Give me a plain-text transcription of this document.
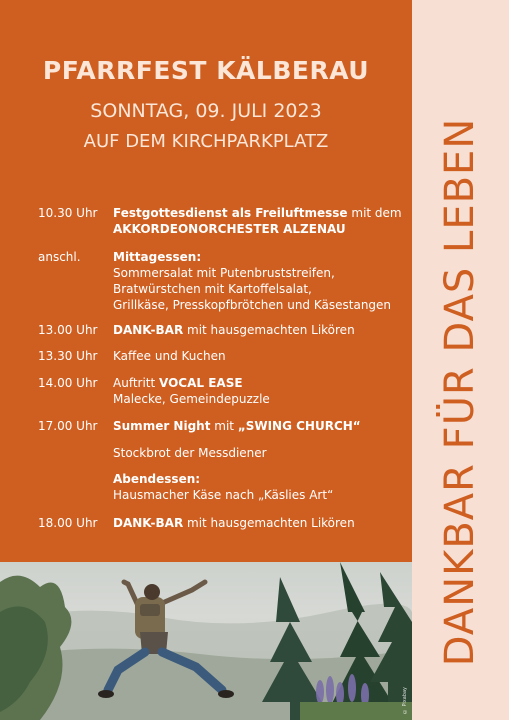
PFARRFEST KÄLBERAU
SONNTAG, 09. JULI 2023
AUF DEM KIRCHPARKPLATZ
10.30 Uhr Festgottesdienst als Freiluftmesse mit dem
AKKORDEONORCHESTER ALZENAU
anschl.	Mittagessen:
Sommersalat mit Putenbruststreifen,
Bratwürstchen mit Kartoffelsalat,
Grillkäse, Presskopfbrötchen und Käsestangen
13.00 Uhr DANK-BAR mit hausgemachten Likören
13.30 Uhr Kaffee und Kuchen
14.00 Uhr Auftritt VOCAL EASE
Malecke, Gemeindepuzzle
17.00 Uhr Summer Night mit „SWING CHURCH“
Stockbrot der Messdiener
Abendessen:
Hausmacher Käse nach „Käslies Art“
18.00 Uhr DANK-BAR mit hausgemachten Likören
© Pixabay
DANKBAR FÜR DAS LEBEN
